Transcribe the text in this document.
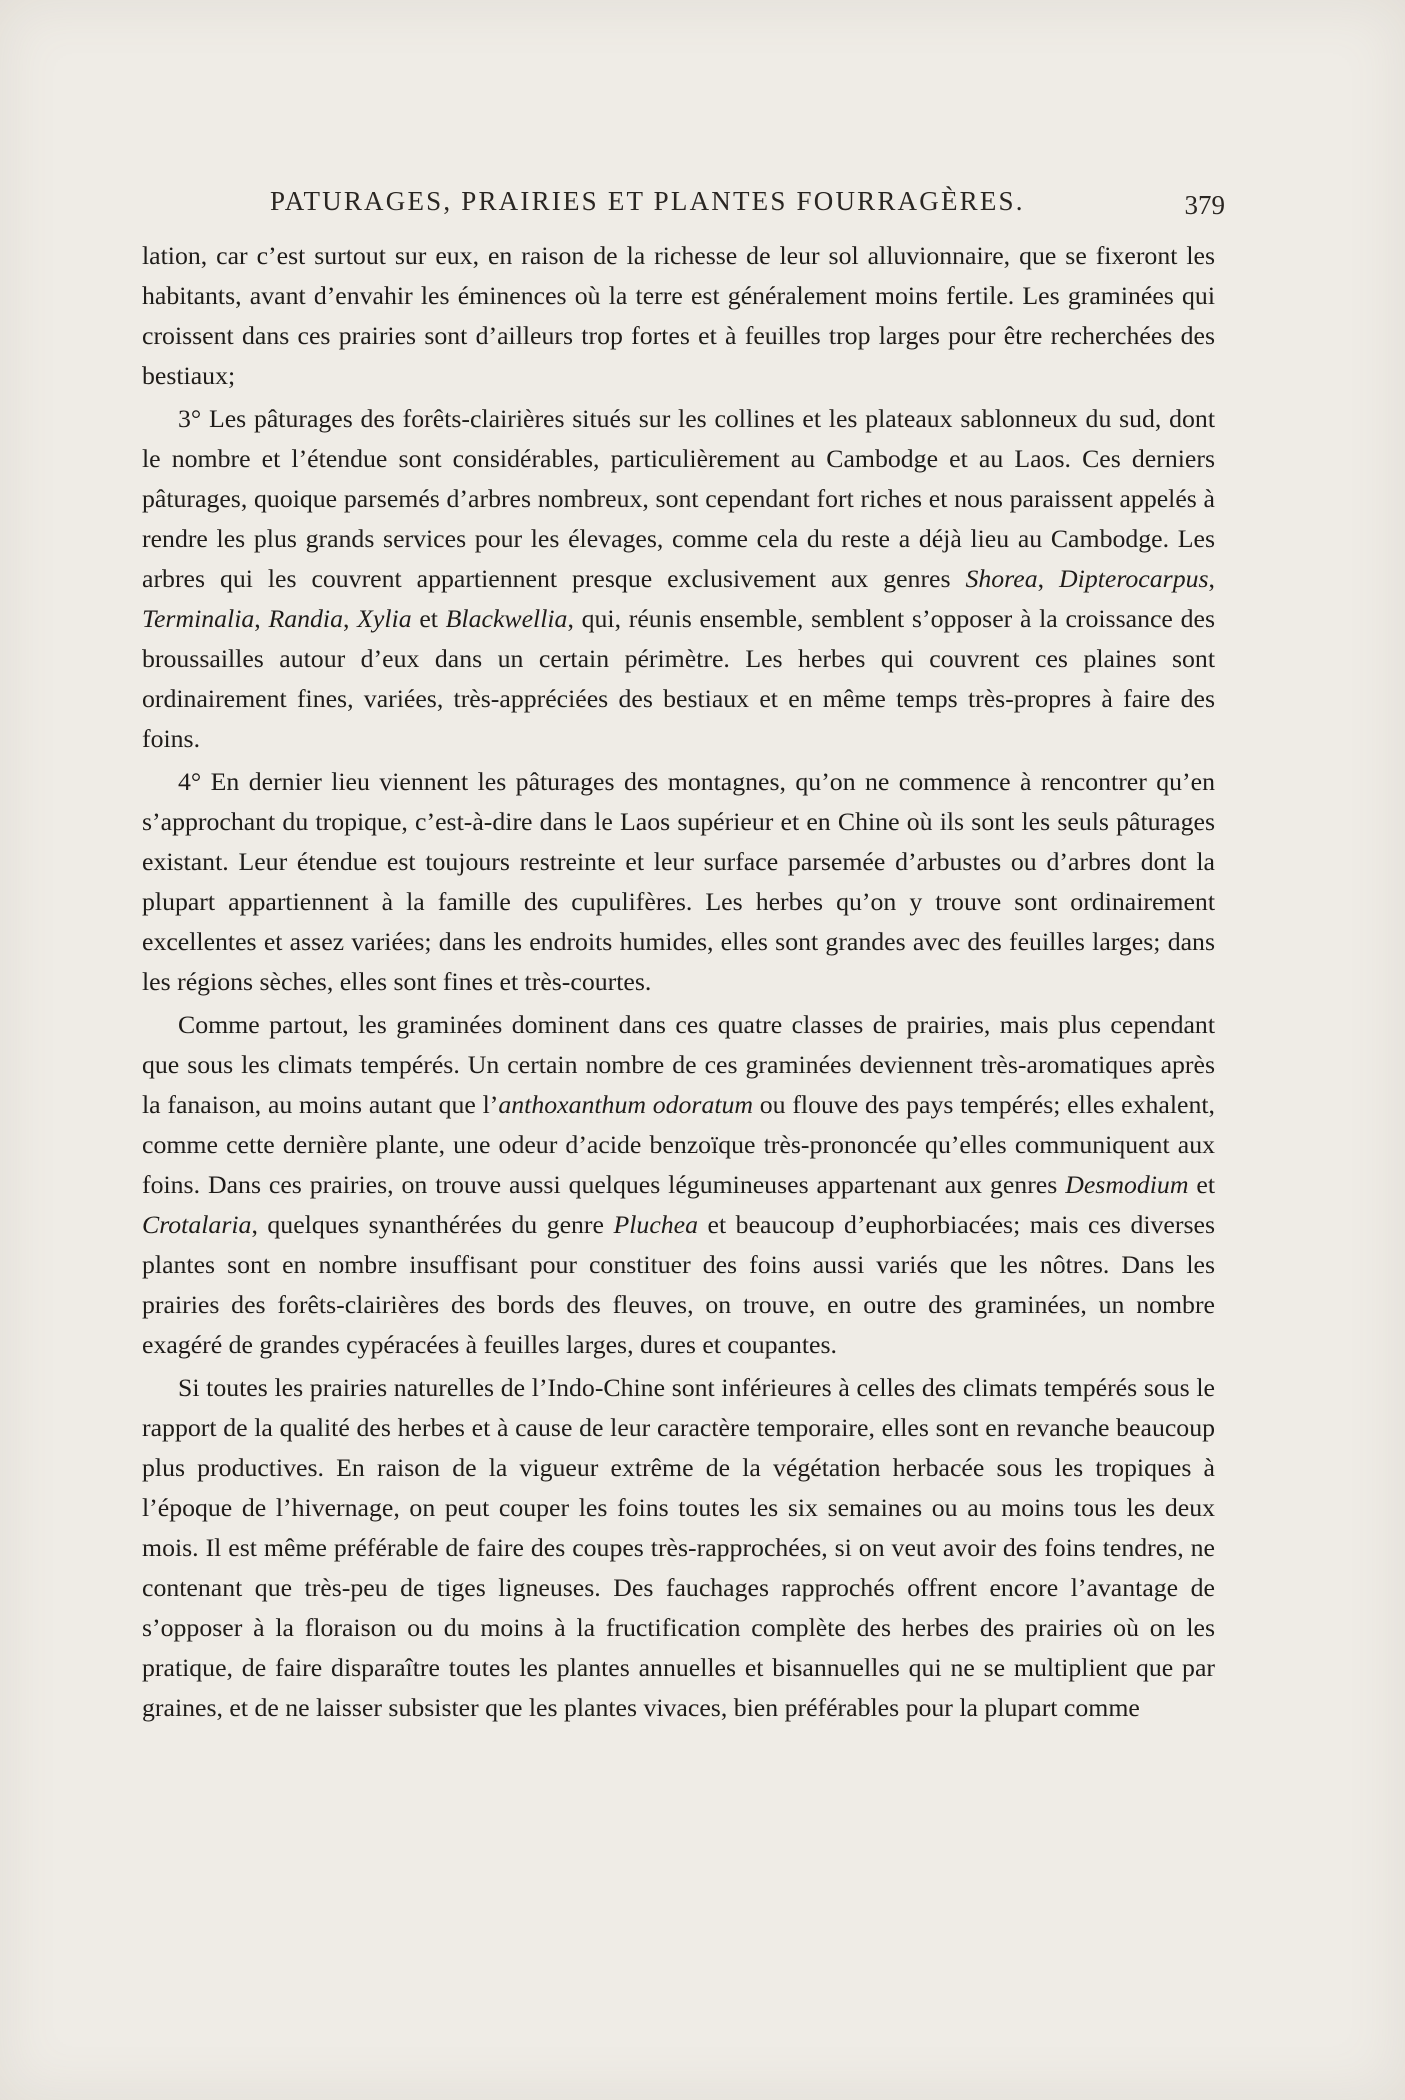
PATURAGES, PRAIRIES ET PLANTES FOURRAGÈRES.	379

lation, car c’est surtout sur eux, en raison de la richesse de leur sol alluvionnaire, que se fixeront les habitants, avant d’envahir les éminences où la terre est généralement moins fertile. Les graminées qui croissent dans ces prairies sont d’ailleurs trop fortes et à feuilles trop larges pour être recherchées des bestiaux;

3° Les pâturages des forêts-clairières situés sur les collines et les plateaux sablonneux du sud, dont le nombre et l’étendue sont considérables, particulièrement au Cambodge et au Laos. Ces derniers pâturages, quoique parsemés d’arbres nombreux, sont cependant fort riches et nous paraissent appelés à rendre les plus grands services pour les élevages, comme cela du reste a déjà lieu au Cambodge. Les arbres qui les couvrent appartiennent presque exclusivement aux genres Shorea, Dipterocarpus, Terminalia, Randia, Xylia et Blackwellia, qui, réunis ensemble, semblent s’opposer à la croissance des broussailles autour d’eux dans un certain périmètre. Les herbes qui couvrent ces plaines sont ordinairement fines, variées, très-appréciées des bestiaux et en même temps très-propres à faire des foins.

4° En dernier lieu viennent les pâturages des montagnes, qu’on ne commence à rencontrer qu’en s’approchant du tropique, c’est-à-dire dans le Laos supérieur et en Chine où ils sont les seuls pâturages existant. Leur étendue est toujours restreinte et leur surface parsemée d’arbustes ou d’arbres dont la plupart appartiennent à la famille des cupulifères. Les herbes qu’on y trouve sont ordinairement excellentes et assez variées; dans les endroits humides, elles sont grandes avec des feuilles larges; dans les régions sèches, elles sont fines et très-courtes.

Comme partout, les graminées dominent dans ces quatre classes de prairies, mais plus cependant que sous les climats tempérés. Un certain nombre de ces graminées deviennent très-aromatiques après la fanaison, au moins autant que l’anthoxanthum odoratum ou flouve des pays tempérés; elles exhalent, comme cette dernière plante, une odeur d’acide benzoïque très-prononcée qu’elles communiquent aux foins. Dans ces prairies, on trouve aussi quelques légumineuses appartenant aux genres Desmodium et Crotalaria, quelques synanthérées du genre Pluchea et beaucoup d’euphorbiacées; mais ces diverses plantes sont en nombre insuffisant pour constituer des foins aussi variés que les nôtres. Dans les prairies des forêts-clairières des bords des fleuves, on trouve, en outre des graminées, un nombre exagéré de grandes cypéracées à feuilles larges, dures et coupantes.

Si toutes les prairies naturelles de l’Indo-Chine sont inférieures à celles des climats tempérés sous le rapport de la qualité des herbes et à cause de leur caractère temporaire, elles sont en revanche beaucoup plus productives. En raison de la vigueur extrême de la végétation herbacée sous les tropiques à l’époque de l’hivernage, on peut couper les foins toutes les six semaines ou au moins tous les deux mois. Il est même préférable de faire des coupes très-rapprochées, si on veut avoir des foins tendres, ne contenant que très-peu de tiges ligneuses. Des fauchages rapprochés offrent encore l’avantage de s’opposer à la floraison ou du moins à la fructification complète des herbes des prairies où on les pratique, de faire disparaître toutes les plantes annuelles et bisannuelles qui ne se multiplient que par graines, et de ne laisser subsister que les plantes vivaces, bien préférables pour la plupart comme
